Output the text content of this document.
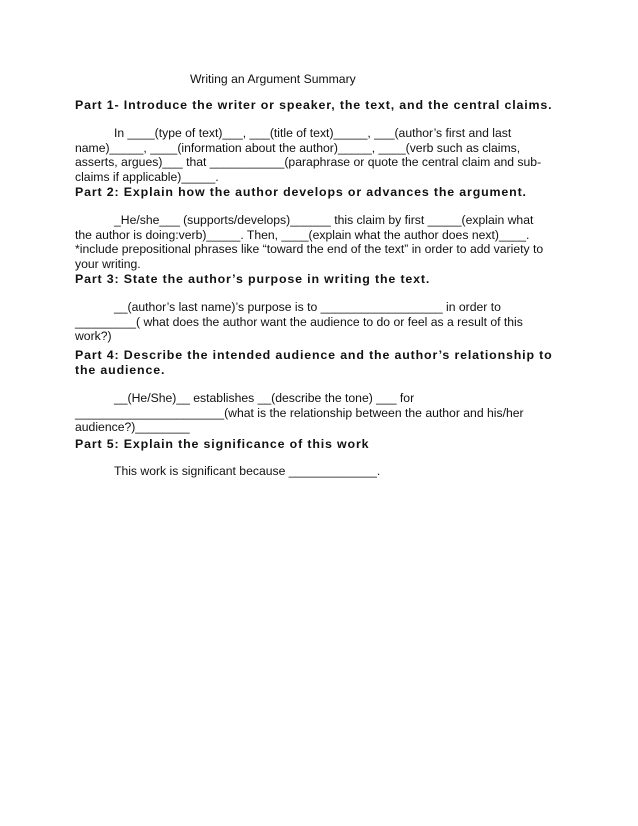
Writing an Argument Summary

Part 1- Introduce the writer or speaker, the text, and the central claims.

In ____(type of text)___, ___(title of text)_____, ___(author’s first and last
name)_____, ____(information about the author)_____, ____(verb such as claims,
asserts, argues)___ that ___________(paraphrase or quote the central claim and sub-
claims if applicable)_____.

Part 2: Explain how the author develops or advances the argument.

_He/she___ (supports/develops)______ this claim by first _____(explain what
the author is doing:verb)_____. Then, ____(explain what the author does next)____.
*include prepositional phrases like “toward the end of the text” in order to add variety to
your writing.

Part 3: State the author’s purpose in writing the text.

__(author’s last name)’s purpose is to __________________ in order to
_________( what does the author want the audience to do or feel as a result of this
work?)

Part 4: Describe the intended audience and the author’s relationship to
the audience.

__(He/She)__ establishes __(describe the tone) ___ for
______________________(what is the relationship between the author and his/her
audience?)________

Part 5: Explain the significance of this work

This work is significant because _____________.
